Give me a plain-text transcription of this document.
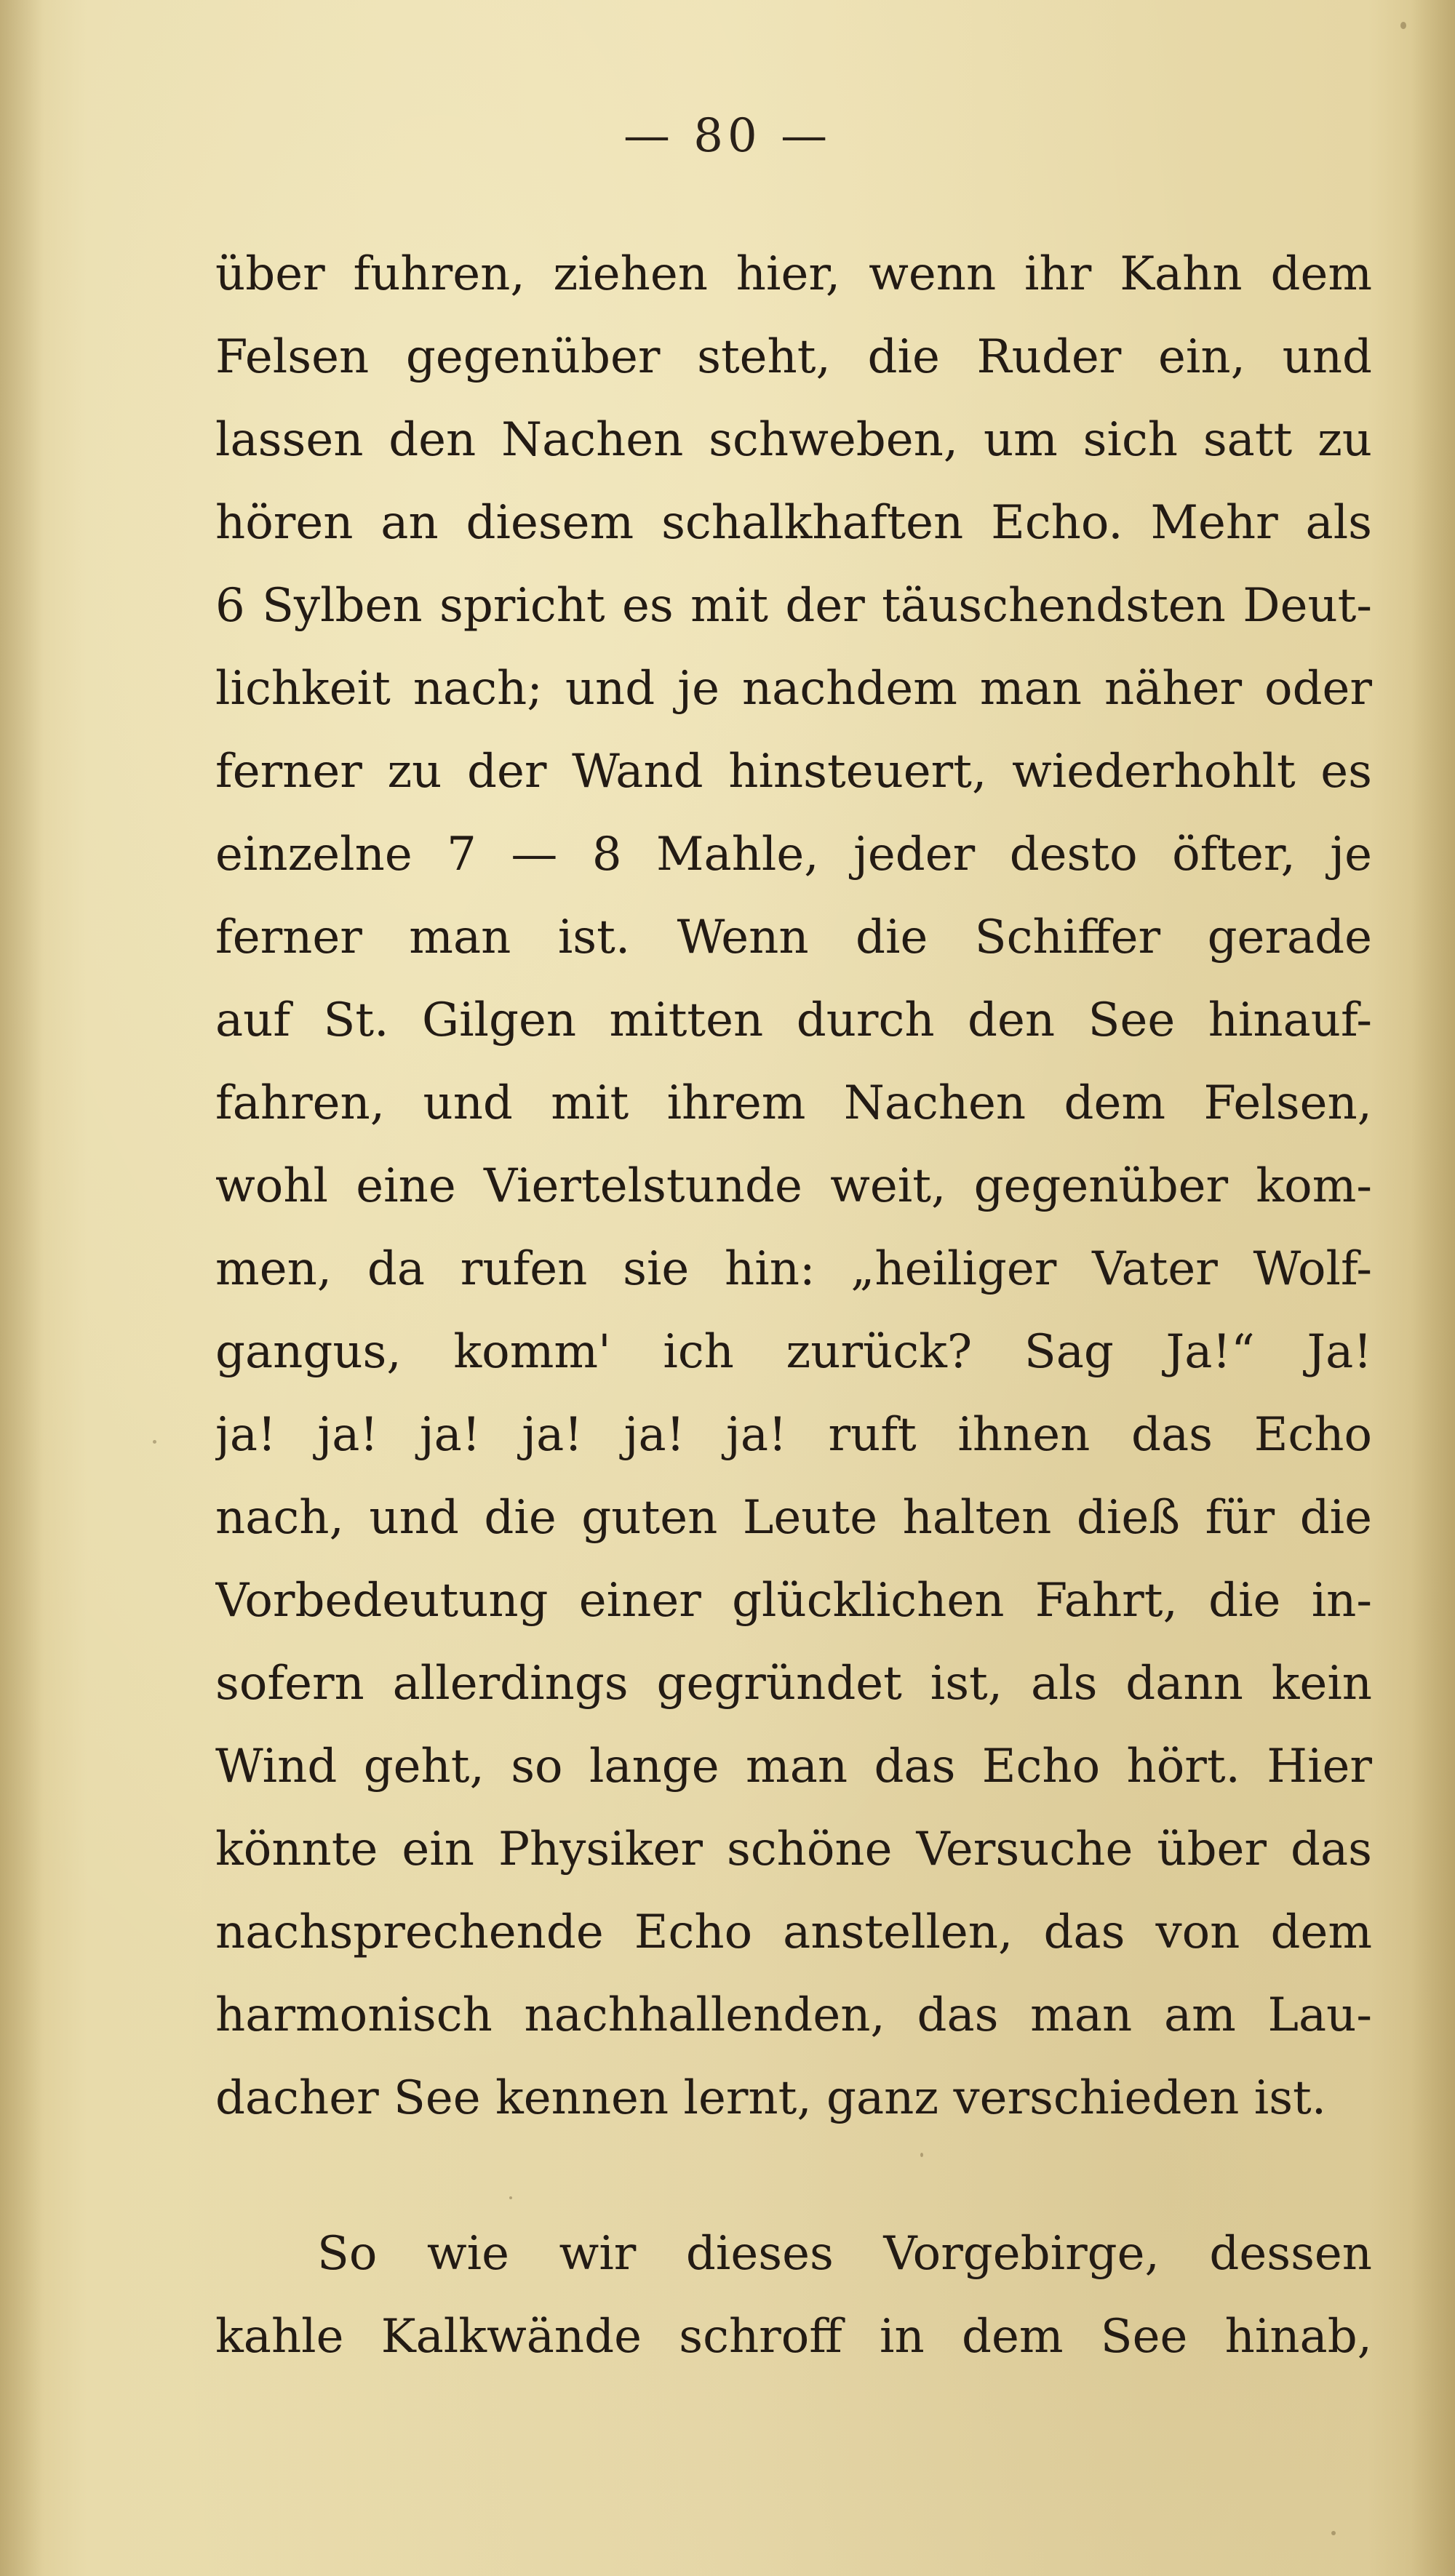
— 80 —
über fuhren, ziehen hier, wenn ihr Kahn dem
Felsen gegenüber steht, die Ruder ein, und
lassen den Nachen schweben, um sich satt zu
hören an diesem schalkhaften Echo. Mehr als
6 Sylben spricht es mit der täuschendsten Deut-
lichkeit nach; und je nachdem man näher oder
ferner zu der Wand hinsteuert, wiederhohlt es
einzelne 7 — 8 Mahle, jeder desto öfter, je
ferner man ist. Wenn die Schiffer gerade
auf St. Gilgen mitten durch den See hinauf-
fahren, und mit ihrem Nachen dem Felsen,
wohl eine Viertelstunde weit, gegenüber kom-
men, da rufen sie hin: „heiliger Vater Wolf-
gangus, komm' ich zurück? Sag Ja!“ Ja!
ja! ja! ja! ja! ja! ja! ruft ihnen das Echo
nach, und die guten Leute halten dieß für die
Vorbedeutung einer glücklichen Fahrt, die in-
sofern allerdings gegründet ist, als dann kein
Wind geht, so lange man das Echo hört. Hier
könnte ein Physiker schöne Versuche über das
nachsprechende Echo anstellen, das von dem
harmonisch nachhallenden, das man am Lau-
dacher See kennen lernt, ganz verschieden ist.
So wie wir dieses Vorgebirge, dessen
kahle Kalkwände schroff in dem See hinab,
